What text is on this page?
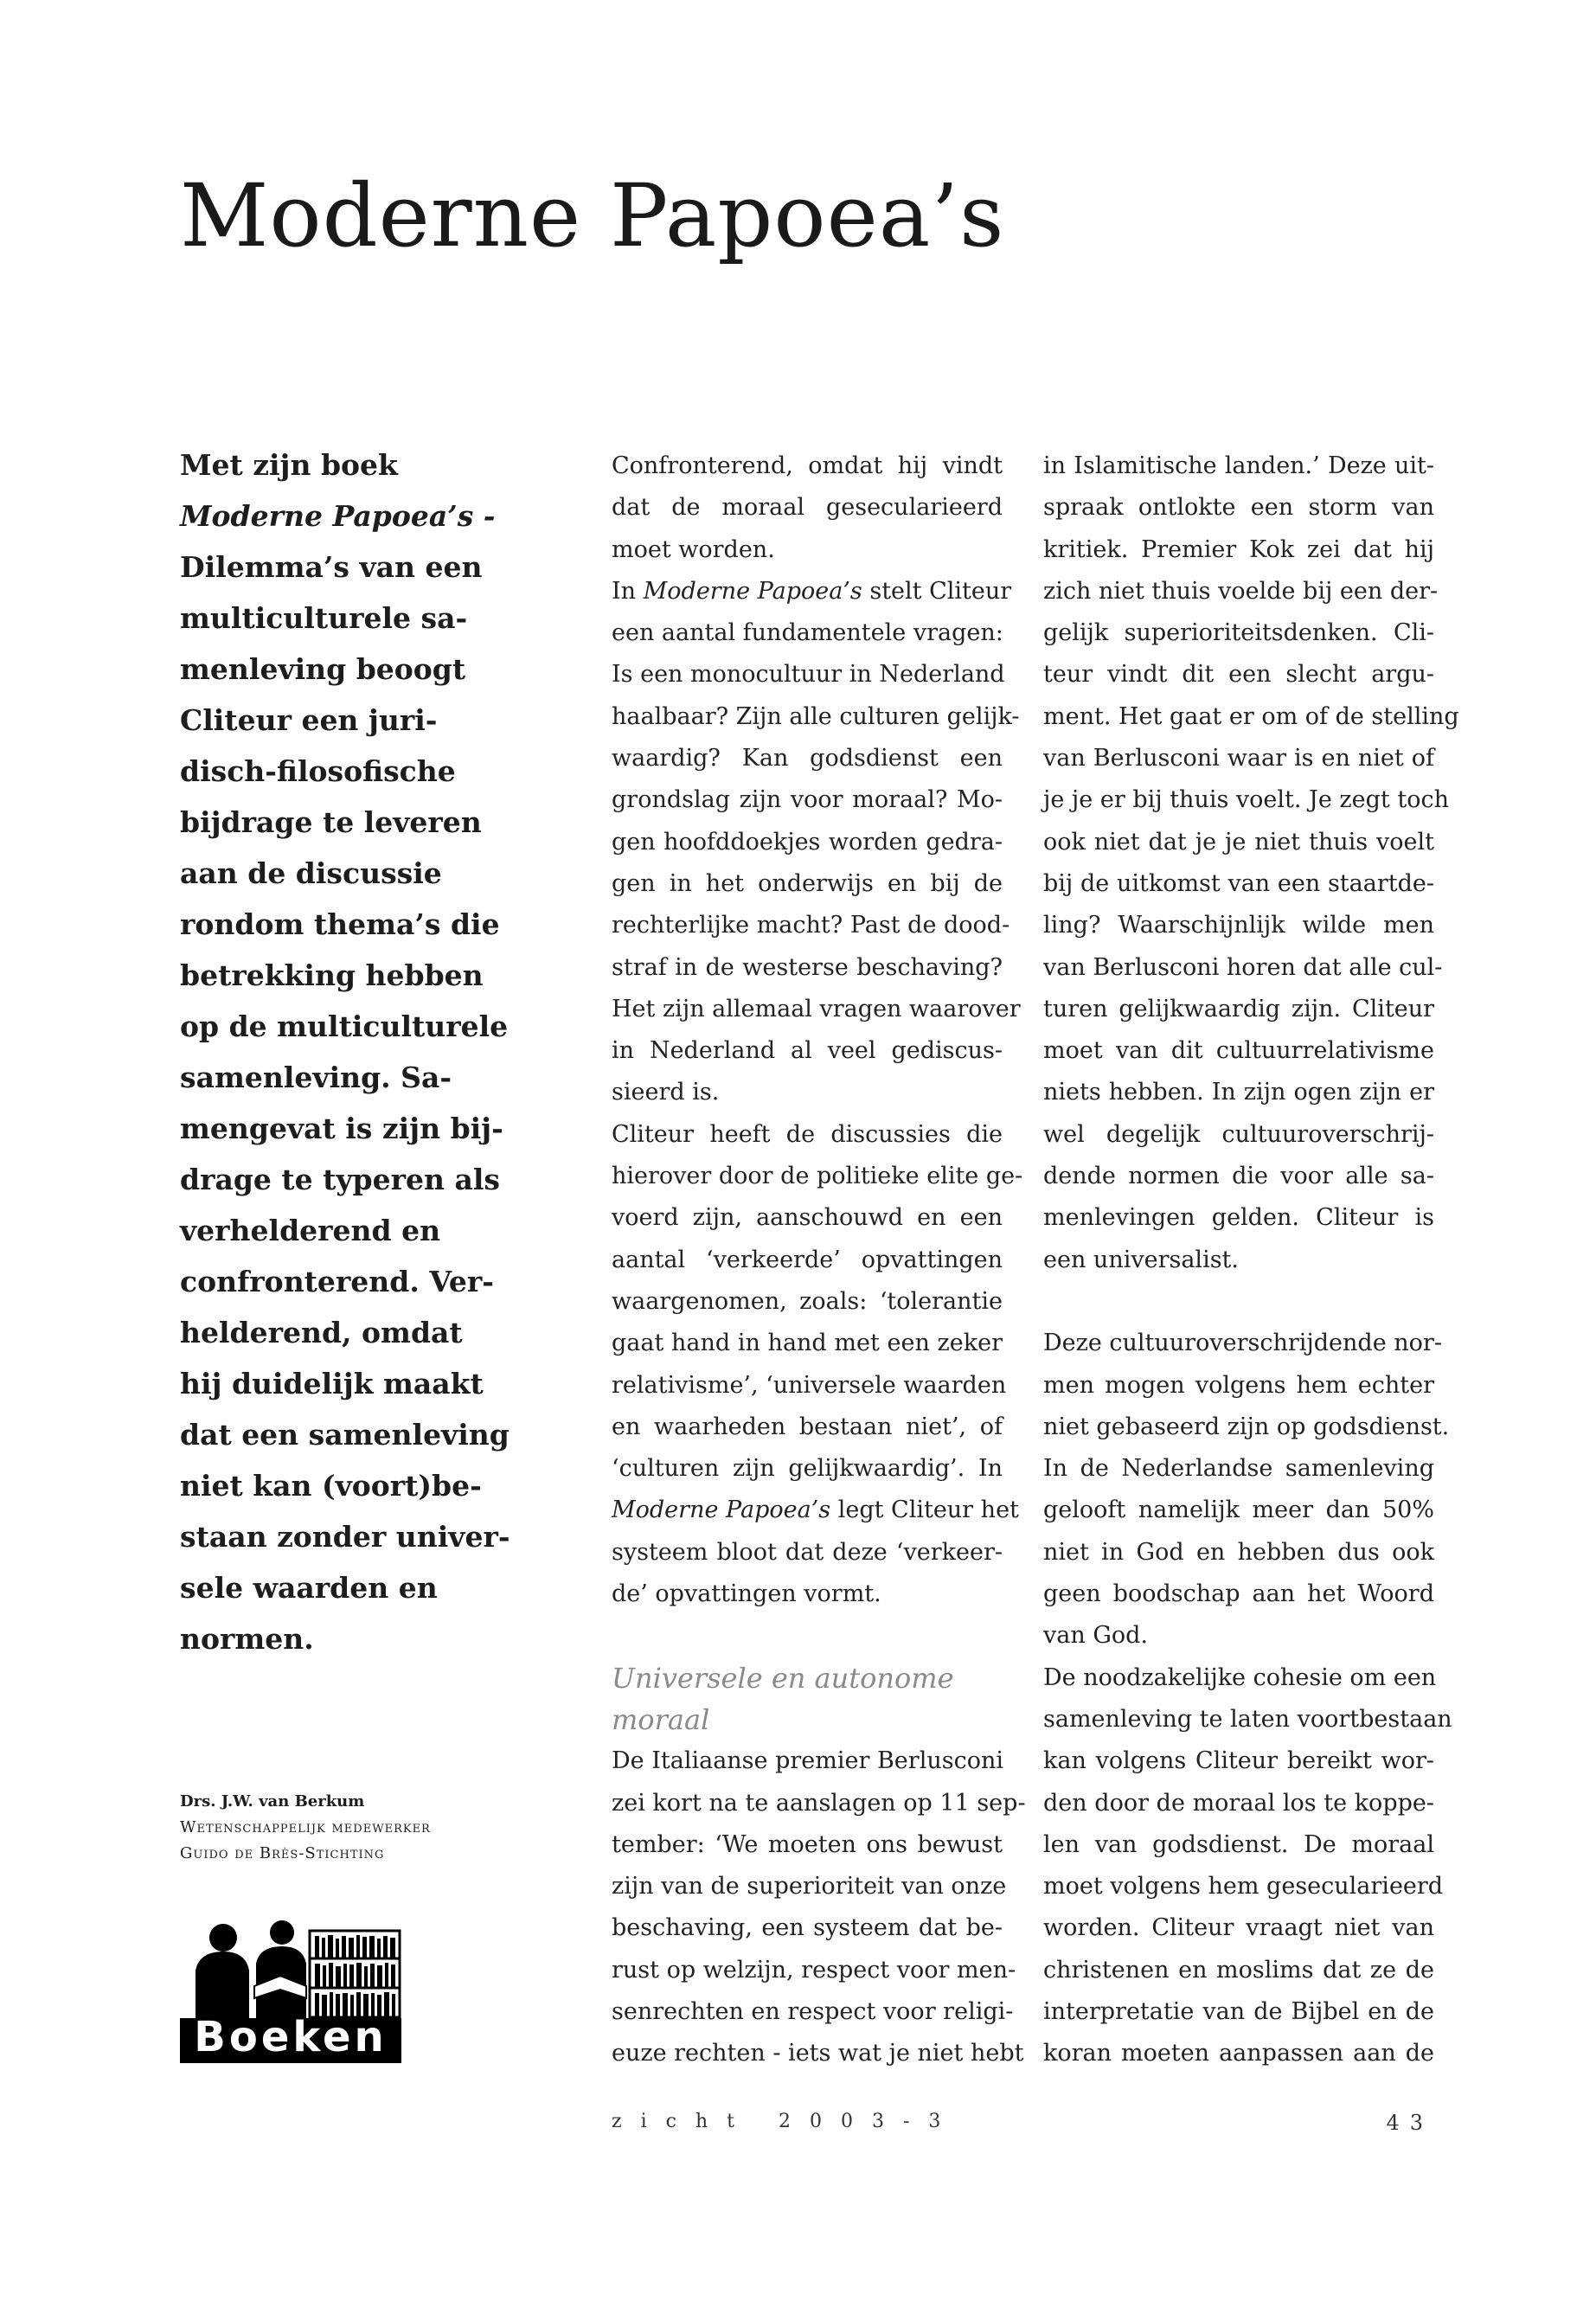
Moderne Papoea’s
Met zijn boek
Moderne Papoea’s -
Dilemma’s van een
multiculturele sa-
menleving beoogt
Cliteur een juri-
disch-filosofische
bijdrage te leveren
aan de discussie
rondom thema’s die
betrekking hebben
op de multiculturele
samenleving. Sa-
mengevat is zijn bij-
drage te typeren als
verhelderend en
confronterend. Ver-
helderend, omdat
hij duidelijk maakt
dat een samenleving
niet kan (voort)be-
staan zonder univer-
sele waarden en
normen.
Drs. J.W. van Berkum
Wetenschappelijk medewerker
Guido de Brès-Stichting
Boeken
Confronterend, omdat hij vindt
dat de moraal gesecularieerd
moet worden.
In Moderne Papoea’s stelt Cliteur
een aantal fundamentele vragen:
Is een monocultuur in Nederland
haalbaar? Zijn alle culturen gelijk-
waardig? Kan godsdienst een
grondslag zijn voor moraal? Mo-
gen hoofddoekjes worden gedra-
gen in het onderwijs en bij de
rechterlijke macht? Past de dood-
straf in de westerse beschaving?
Het zijn allemaal vragen waarover
in Nederland al veel gediscus-
sieerd is.
Cliteur heeft de discussies die
hierover door de politieke elite ge-
voerd zijn, aanschouwd en een
aantal ‘verkeerde’ opvattingen
waargenomen, zoals: ‘tolerantie
gaat hand in hand met een zeker
relativisme’, ‘universele waarden
en waarheden bestaan niet’, of
‘culturen zijn gelijkwaardig’. In
Moderne Papoea’s legt Cliteur het
systeem bloot dat deze ‘verkeer-
de’ opvattingen vormt.
Universele en autonome
moraal
De Italiaanse premier Berlusconi
zei kort na te aanslagen op 11 sep-
tember: ‘We moeten ons bewust
zijn van de superioriteit van onze
beschaving, een systeem dat be-
rust op welzijn, respect voor men-
senrechten en respect voor religi-
euze rechten - iets wat je niet hebt
in Islamitische landen.’ Deze uit-
spraak ontlokte een storm van
kritiek. Premier Kok zei dat hij
zich niet thuis voelde bij een der-
gelijk superioriteitsdenken. Cli-
teur vindt dit een slecht argu-
ment. Het gaat er om of de stelling
van Berlusconi waar is en niet of
je je er bij thuis voelt. Je zegt toch
ook niet dat je je niet thuis voelt
bij de uitkomst van een staartde-
ling? Waarschijnlijk wilde men
van Berlusconi horen dat alle cul-
turen gelijkwaardig zijn. Cliteur
moet van dit cultuurrelativisme
niets hebben. In zijn ogen zijn er
wel degelijk cultuuroverschrij-
dende normen die voor alle sa-
menlevingen gelden. Cliteur is
een universalist.
Deze cultuuroverschrijdende nor-
men mogen volgens hem echter
niet gebaseerd zijn op godsdienst.
In de Nederlandse samenleving
gelooft namelijk meer dan 50%
niet in God en hebben dus ook
geen boodschap aan het Woord
van God.
De noodzakelijke cohesie om een
samenleving te laten voortbestaan
kan volgens Cliteur bereikt wor-
den door de moraal los te koppe-
len van godsdienst. De moraal
moet volgens hem gesecularieerd
worden. Cliteur vraagt niet van
christenen en moslims dat ze de
interpretatie van de Bijbel en de
koran moeten aanpassen aan de
zicht 2003-3	43
